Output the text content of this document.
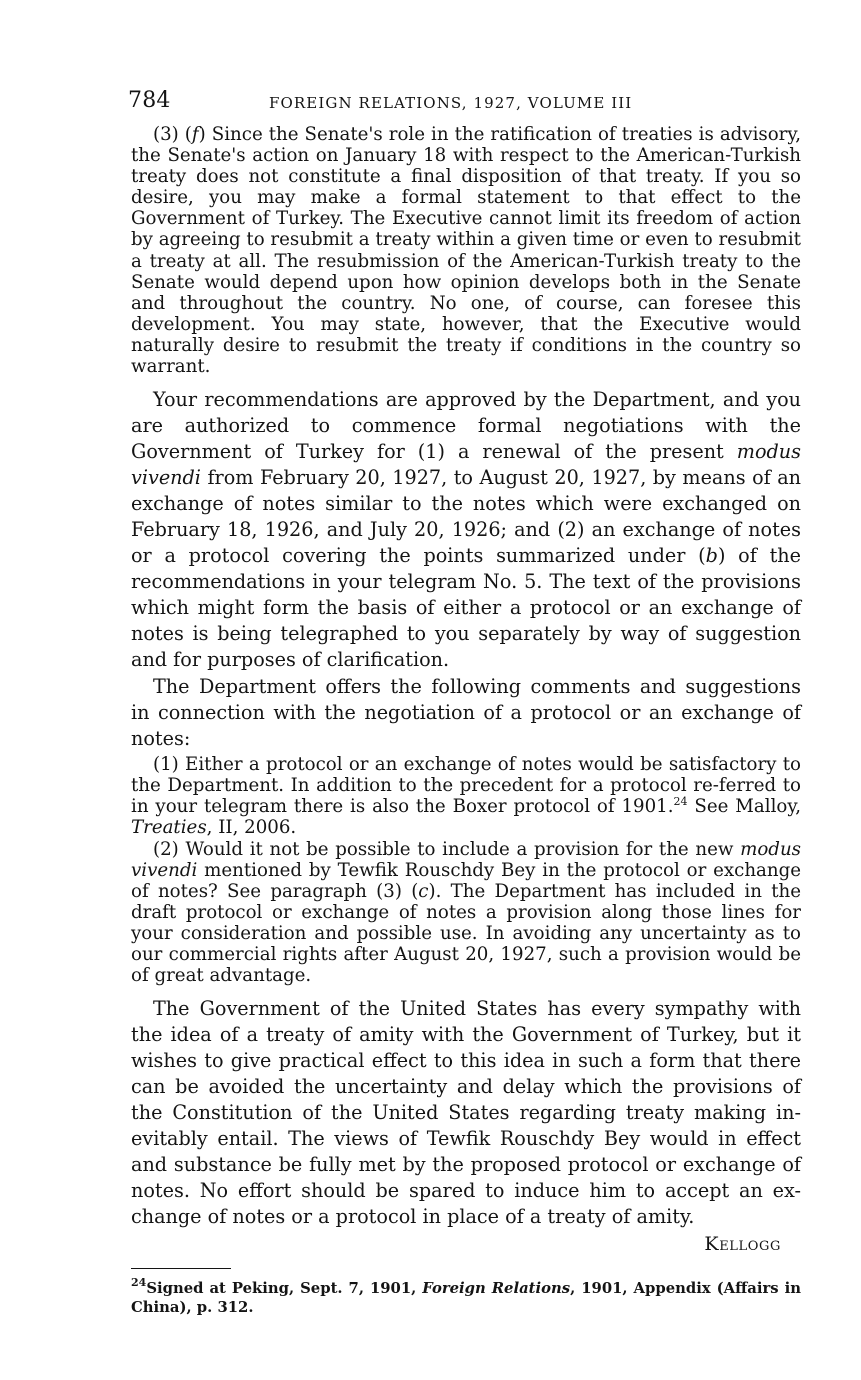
784	FOREIGN RELATIONS, 1927, VOLUME III

(3) (f) Since the Senate's role in the ratification of treaties is advisory, the Senate's action on January 18 with respect to the American-Turkish treaty does not constitute a final disposition of that treaty. If you so desire, you may make a formal statement to that effect to the Government of Turkey. The Executive cannot limit its freedom of action by agreeing to resubmit a treaty within a given time or even to resubmit a treaty at all. The resubmission of the American-Turkish treaty to the Senate would depend upon how opinion develops both in the Senate and throughout the country. No one, of course, can foresee this development. You may state, however, that the Executive would naturally desire to resubmit the treaty if conditions in the country so warrant.

Your recommendations are approved by the Department, and you are authorized to commence formal negotiations with the Government of Turkey for (1) a renewal of the present modus vivendi from February 20, 1927, to August 20, 1927, by means of an exchange of notes similar to the notes which were exchanged on February 18, 1926, and July 20, 1926; and (2) an exchange of notes or a protocol covering the points summarized under (b) of the recommendations in your telegram No. 5. The text of the provisions which might form the basis of either a protocol or an exchange of notes is being telegraphed to you separately by way of suggestion and for purposes of clarification.

The Department offers the following comments and suggestions in connection with the negotiation of a protocol or an exchange of notes:

(1) Either a protocol or an exchange of notes would be satisfactory to the Department. In addition to the precedent for a protocol re-ferred to in your telegram there is also the Boxer protocol of 1901.24 See Malloy, Treaties, II, 2006.

(2) Would it not be possible to include a provision for the new modus vivendi mentioned by Tewfik Rouschdy Bey in the protocol or exchange of notes? See paragraph (3) (c). The Department has included in the draft protocol or exchange of notes a provision along those lines for your consideration and possible use. In avoiding any uncertainty as to our commercial rights after August 20, 1927, such a provision would be of great advantage.

The Government of the United States has every sympathy with the idea of a treaty of amity with the Government of Turkey, but it wishes to give practical effect to this idea in such a form that there can be avoided the uncertainty and delay which the provisions of the Constitution of the United States regarding treaty making in-evitably entail. The views of Tewfik Rouschdy Bey would in effect and substance be fully met by the proposed protocol or exchange of notes. No effort should be spared to induce him to accept an ex-change of notes or a protocol in place of a treaty of amity.

Kellogg

$^{24}$Signed at Peking, Sept. 7, 1901, Foreign Relations, 1901, Appendix (Affairs in China), p. 312.
